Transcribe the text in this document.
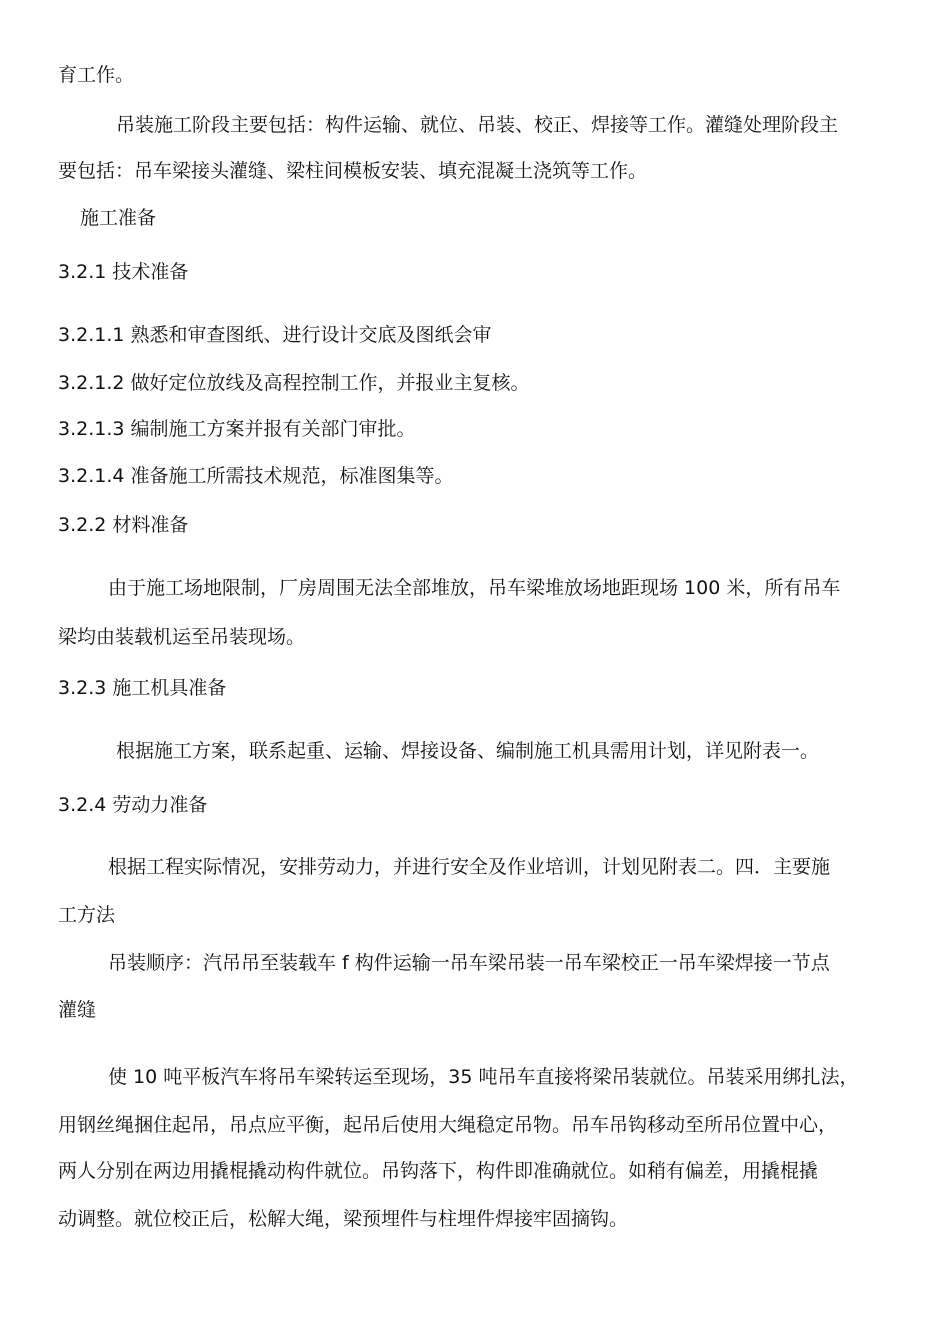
育工作。
吊装施工阶段主要包括：构件运输、就位、吊装、校正、焊接等工作。灌缝处理阶段主
要包括：吊车梁接头灌缝、梁柱间模板安装、填充混凝土浇筑等工作。
施工准备
3.2.1 技术准备
3.2.1.1 熟悉和审查图纸、进行设计交底及图纸会审
3.2.1.2 做好定位放线及高程控制工作，并报业主复核。
3.2.1.3 编制施工方案并报有关部门审批。
3.2.1.4 准备施工所需技术规范，标准图集等。
3.2.2 材料准备
由于施工场地限制，厂房周围无法全部堆放，吊车梁堆放场地距现场 100 米，所有吊车
梁均由装载机运至吊装现场。
3.2.3 施工机具准备
根据施工方案，联系起重、运输、焊接设备、编制施工机具需用计划，详见附表一。
3.2.4 劳动力准备
根据工程实际情况，安排劳动力，并进行安全及作业培训，计划见附表二。四．主要施
工方法
吊装顺序：汽吊吊至装载车 f 构件运输一吊车梁吊装一吊车梁校正一吊车梁焊接一节点
灌缝
使 10 吨平板汽车将吊车梁转运至现场，35 吨吊车直接将梁吊装就位。吊装采用绑扎法，
用钢丝绳捆住起吊，吊点应平衡，起吊后使用大绳稳定吊物。吊车吊钩移动至所吊位置中心，
两人分别在两边用撬棍撬动构件就位。吊钩落下，构件即准确就位。如稍有偏差，用撬棍撬
动调整。就位校正后，松解大绳，梁预埋件与柱埋件焊接牢固摘钩。
